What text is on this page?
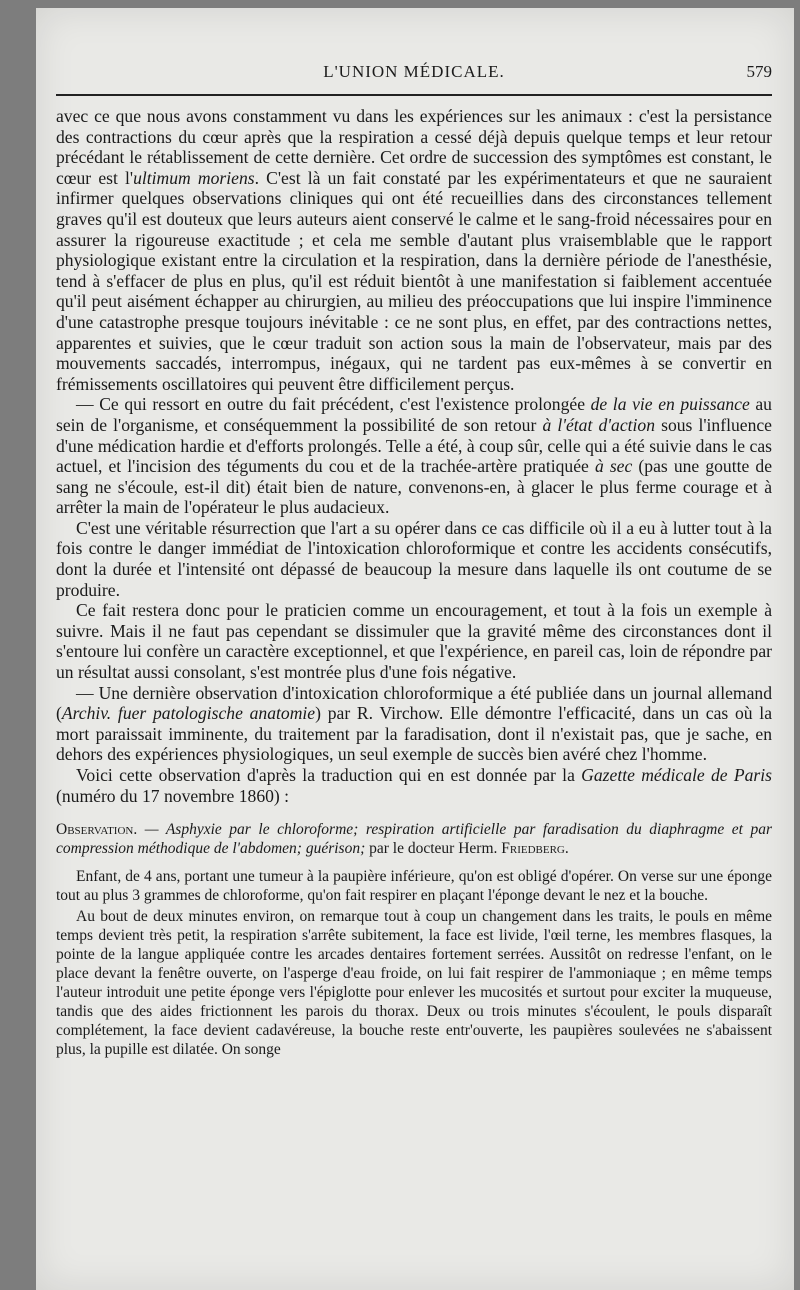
L'UNION MÉDICALE.	579

avec ce que nous avons constamment vu dans les expériences sur les animaux : c'est la persistance des contractions du cœur après que la respiration a cessé déjà depuis quelque temps et leur retour précédant le rétablissement de cette dernière. Cet ordre de succession des symptômes est constant, le cœur est l'ultimum moriens. C'est là un fait constaté par les expérimentateurs et que ne sauraient infirmer quelques observations cliniques qui ont été recueillies dans des circonstances tellement graves qu'il est douteux que leurs auteurs aient conservé le calme et le sang-froid nécessaires pour en assurer la rigoureuse exactitude ; et cela me semble d'autant plus vraisemblable que le rapport physiologique existant entre la circulation et la respiration, dans la dernière période de l'anesthésie, tend à s'effacer de plus en plus, qu'il est réduit bientôt à une manifestation si faiblement accentuée qu'il peut aisément échapper au chirurgien, au milieu des préoccupations que lui inspire l'imminence d'une catastrophe presque toujours inévitable : ce ne sont plus, en effet, par des contractions nettes, apparentes et suivies, que le cœur traduit son action sous la main de l'observateur, mais par des mouvements saccadés, interrompus, inégaux, qui ne tardent pas eux-mêmes à se convertir en frémissements oscillatoires qui peuvent être difficilement perçus.

— Ce qui ressort en outre du fait précédent, c'est l'existence prolongée de la vie en puissance au sein de l'organisme, et conséquemment la possibilité de son retour à l'état d'action sous l'influence d'une médication hardie et d'efforts prolongés. Telle a été, à coup sûr, celle qui a été suivie dans le cas actuel, et l'incision des téguments du cou et de la trachée-artère pratiquée à sec (pas une goutte de sang ne s'écoule, est-il dit) était bien de nature, convenons-en, à glacer le plus ferme courage et à arrêter la main de l'opérateur le plus audacieux.

C'est une véritable résurrection que l'art a su opérer dans ce cas difficile où il a eu à lutter tout à la fois contre le danger immédiat de l'intoxication chloroformique et contre les accidents consécutifs, dont la durée et l'intensité ont dépassé de beaucoup la mesure dans laquelle ils ont coutume de se produire.

Ce fait restera donc pour le praticien comme un encouragement, et tout à la fois un exemple à suivre. Mais il ne faut pas cependant se dissimuler que la gravité même des circonstances dont il s'entoure lui confère un caractère exceptionnel, et que l'expérience, en pareil cas, loin de répondre par un résultat aussi consolant, s'est montrée plus d'une fois négative.

— Une dernière observation d'intoxication chloroformique a été publiée dans un journal allemand (Archiv. fuer patologische anatomie) par R. Virchow. Elle démontre l'efficacité, dans un cas où la mort paraissait imminente, du traitement par la faradisation, dont il n'existait pas, que je sache, en dehors des expériences physiologiques, un seul exemple de succès bien avéré chez l'homme.

Voici cette observation d'après la traduction qui en est donnée par la Gazette médicale de Paris (numéro du 17 novembre 1860) :

Observation. — Asphyxie par le chloroforme; respiration artificielle par faradisation du diaphragme et par compression méthodique de l'abdomen; guérison; par le docteur Herm. Friedberg.

Enfant, de 4 ans, portant une tumeur à la paupière inférieure, qu'on est obligé d'opérer. On verse sur une éponge tout au plus 3 grammes de chloroforme, qu'on fait respirer en plaçant l'éponge devant le nez et la bouche.

Au bout de deux minutes environ, on remarque tout à coup un changement dans les traits, le pouls en même temps devient très petit, la respiration s'arrête subitement, la face est livide, l'œil terne, les membres flasques, la pointe de la langue appliquée contre les arcades dentaires fortement serrées. Aussitôt on redresse l'enfant, on le place devant la fenêtre ouverte, on l'asperge d'eau froide, on lui fait respirer de l'ammoniaque ; en même temps l'auteur introduit une petite éponge vers l'épiglotte pour enlever les mucosités et surtout pour exciter la muqueuse, tandis que des aides frictionnent les parois du thorax. Deux ou trois minutes s'écoulent, le pouls disparaît complétement, la face devient cadavéreuse, la bouche reste entr'ouverte, les paupières soulevées ne s'abaissent plus, la pupille est dilatée. On songe
